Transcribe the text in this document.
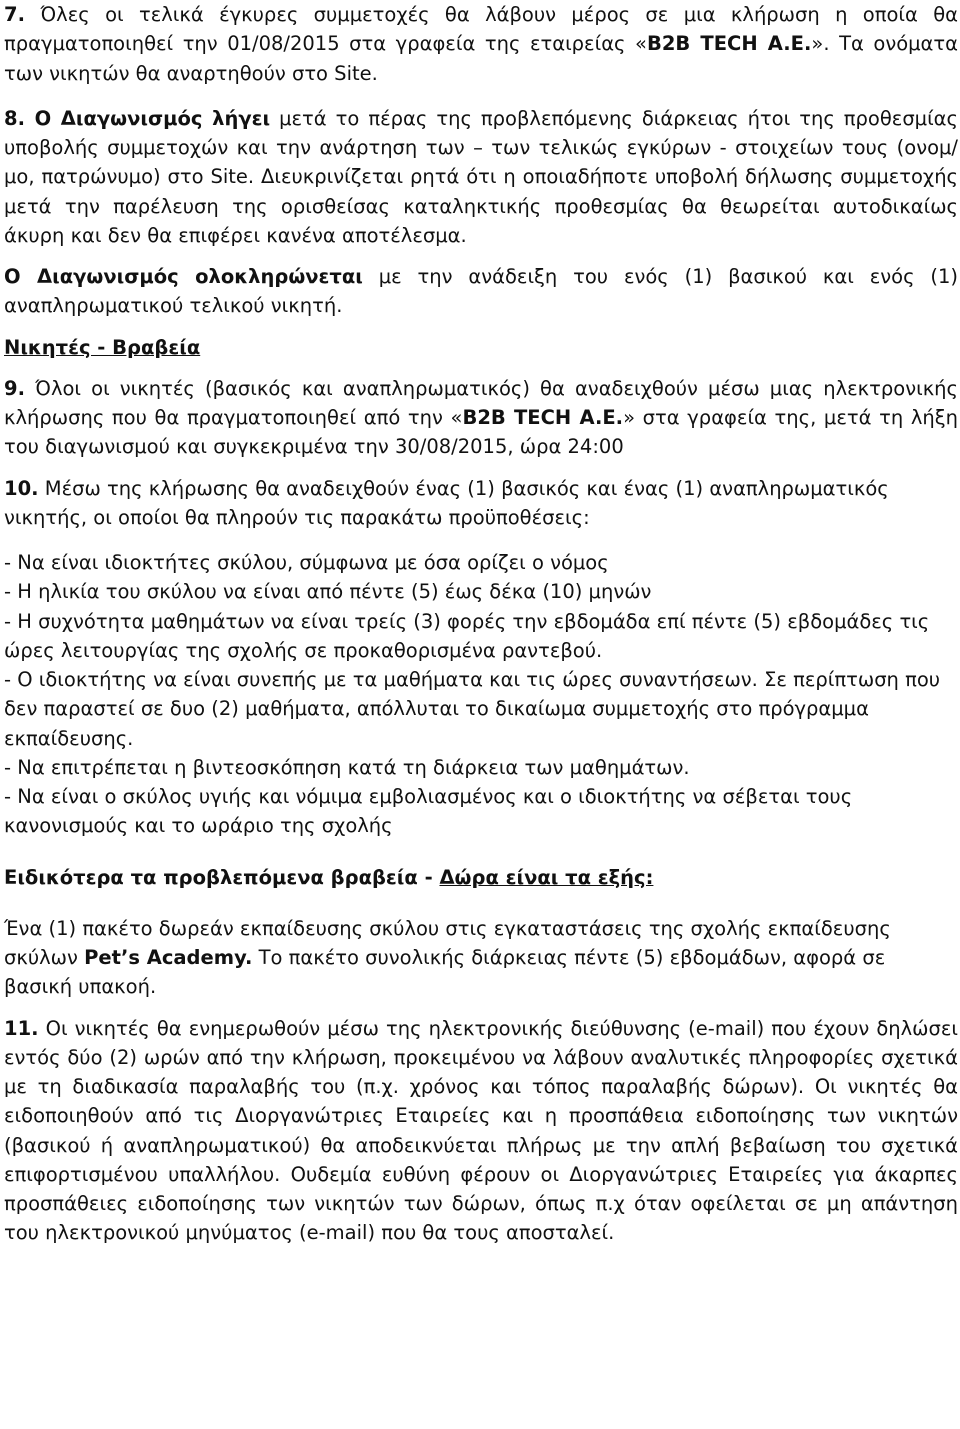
7. Όλες οι τελικά έγκυρες συμμετοχές θα λάβουν μέρος σε μια κλήρωση η οποία θα πραγματοποιηθεί την 01/08/2015 στα γραφεία της εταιρείας «B2B TECH A.E.». Τα ονόματα των νικητών θα αναρτηθούν στο Site.

8. Ο Διαγωνισμός λήγει μετά το πέρας της προβλεπόμενης διάρκειας ήτοι της προθεσμίας υποβολής συμμετοχών και την ανάρτηση των – των τελικώς εγκύρων - στοιχείων τους (ονομ/μο, πατρώνυμο) στο Site. Διευκρινίζεται ρητά ότι η οποιαδήποτε υποβολή δήλωσης συμμετοχής μετά την παρέλευση της ορισθείσας καταληκτικής προθεσμίας θα θεωρείται αυτοδικαίως άκυρη και δεν θα επιφέρει κανένα αποτέλεσμα.

Ο Διαγωνισμός ολοκληρώνεται με την ανάδειξη του ενός (1) βασικού και ενός (1) αναπληρωματικού τελικού νικητή.

Νικητές - Βραβεία

9. Όλοι οι νικητές (βασικός και αναπληρωματικός) θα αναδειχθούν μέσω μιας ηλεκτρονικής κλήρωσης που θα πραγματοποιηθεί από την «B2B TECH A.E.» στα γραφεία της, μετά τη λήξη του διαγωνισμού και συγκεκριμένα την 30/08/2015, ώρα 24:00

10. Μέσω της κλήρωσης θα αναδειχθούν ένας (1) βασικός και ένας (1) αναπληρωματικός νικητής, οι οποίοι θα πληρούν τις παρακάτω προϋποθέσεις:

- Να είναι ιδιοκτήτες σκύλου, σύμφωνα με όσα ορίζει ο νόμος

- Η ηλικία του σκύλου να είναι από πέντε (5) έως δέκα (10) μηνών

- Η συχνότητα μαθημάτων να είναι τρείς (3) φορές την εβδομάδα επί πέντε (5) εβδομάδες τις ώρες λειτουργίας της σχολής σε προκαθορισμένα ραντεβού.

- Ο ιδιοκτήτης να είναι συνεπής με τα μαθήματα και τις ώρες συναντήσεων. Σε περίπτωση που δεν παραστεί σε δυο (2) μαθήματα, απόλλυται το δικαίωμα συμμετοχής στο πρόγραμμα εκπαίδευσης.

- Να επιτρέπεται η βιντεοσκόπηση κατά τη διάρκεια των μαθημάτων.

- Να είναι ο σκύλος υγιής και νόμιμα εμβολιασμένος και ο ιδιοκτήτης να σέβεται τους κανονισμούς και το ωράριο της σχολής

Ειδικότερα τα προβλεπόμενα βραβεία - Δώρα είναι τα εξής:

Ένα (1) πακέτο δωρεάν εκπαίδευσης σκύλου στις εγκαταστάσεις της σχολής εκπαίδευσης σκύλων Pet’s Academy. Το πακέτο συνολικής διάρκειας πέντε (5) εβδομάδων, αφορά σε βασική υπακοή.

11. Οι νικητές θα ενημερωθούν μέσω της ηλεκτρονικής διεύθυνσης (e-mail) που έχουν δηλώσει εντός δύο (2) ωρών από την κλήρωση, προκειμένου να λάβουν αναλυτικές πληροφορίες σχετικά με τη διαδικασία παραλαβής του (π.χ. χρόνος και τόπος παραλαβής δώρων). Οι νικητές θα ειδοποιηθούν από τις Διοργανώτριες Εταιρείες και η προσπάθεια ειδοποίησης των νικητών (βασικού ή αναπληρωματικού) θα αποδεικνύεται πλήρως με την απλή βεβαίωση του σχετικά επιφορτισμένου υπαλλήλου. Ουδεμία ευθύνη φέρουν οι Διοργανώτριες Εταιρείες για άκαρπες προσπάθειες ειδοποίησης των νικητών των δώρων, όπως π.χ όταν οφείλεται σε μη απάντηση του ηλεκτρονικού μηνύματος (e-mail) που θα τους αποσταλεί.
